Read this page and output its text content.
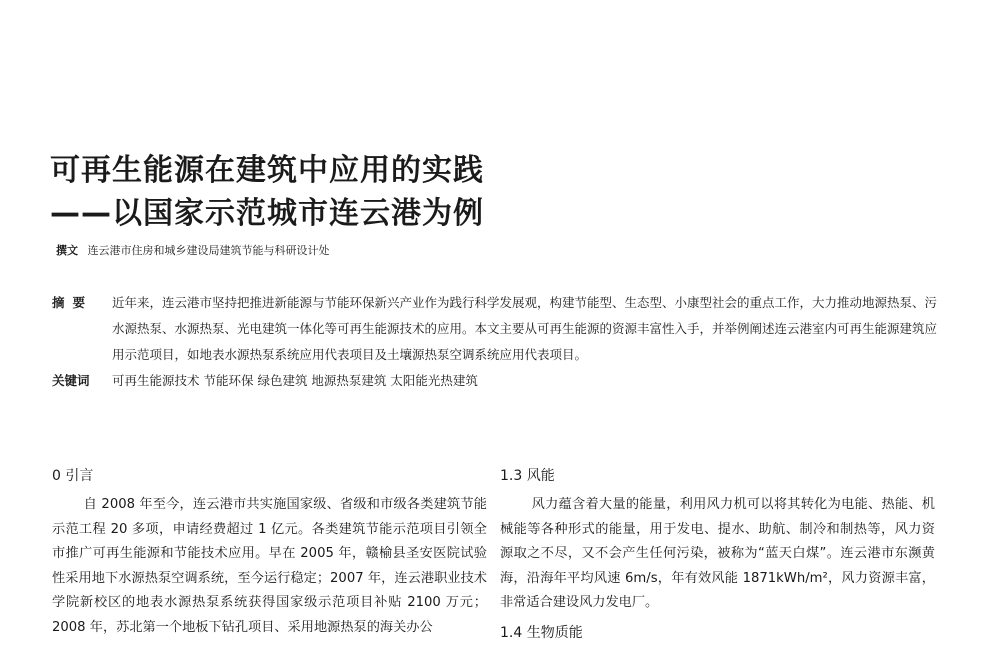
可再生能源在建筑中应用的实践
——以国家示范城市连云港为例
撰文 连云港市住房和城乡建设局建筑节能与科研设计处
摘要 近年来，连云港市坚持把推进新能源与节能环保新兴产业作为践行科学发展观，构建节能型、生态型、小康型社会的重点工作，大力推动地源热泵、污水源热泵、水源热泵、光电建筑一体化等可再生能源技术的应用。本文主要从可再生能源的资源丰富性入手，并举例阐述连云港室内可再生能源建筑应用示范项目，如地表水源热泵系统应用代表项目及土壤源热泵空调系统应用代表项目。
关键词 可再生能源技术 节能环保 绿色建筑 地源热泵建筑 太阳能光热建筑
0 引言

自 2008 年至今，连云港市共实施国家级、省级和市级各类建筑节能示范工程 20 多项，申请经费超过 1 亿元。各类建筑节能示范项目引领全市推广可再生能源和节能技术应用。早在 2005 年，赣榆县圣安医院试验性采用地下水源热泵空调系统，至今运行稳定；2007 年，连云港职业技术学院新校区的地表水源热泵系统获得国家级示范项目补贴 2100 万元；2008 年，苏北第一个地板下钻孔项目、采用地源热泵的海关办公

1.3 风能

风力蕴含着大量的能量，利用风力机可以将其转化为电能、热能、机械能等各种形式的能量，用于发电、提水、助航、制冷和制热等，风力资源取之不尽，又不会产生任何污染，被称为“蓝天白煤”。连云港市东濒黄海，沿海年平均风速 6m/s，年有效风能 1871kWh/m²，风力资源丰富，非常适合建设风力发电厂。

1.4 生物质能
